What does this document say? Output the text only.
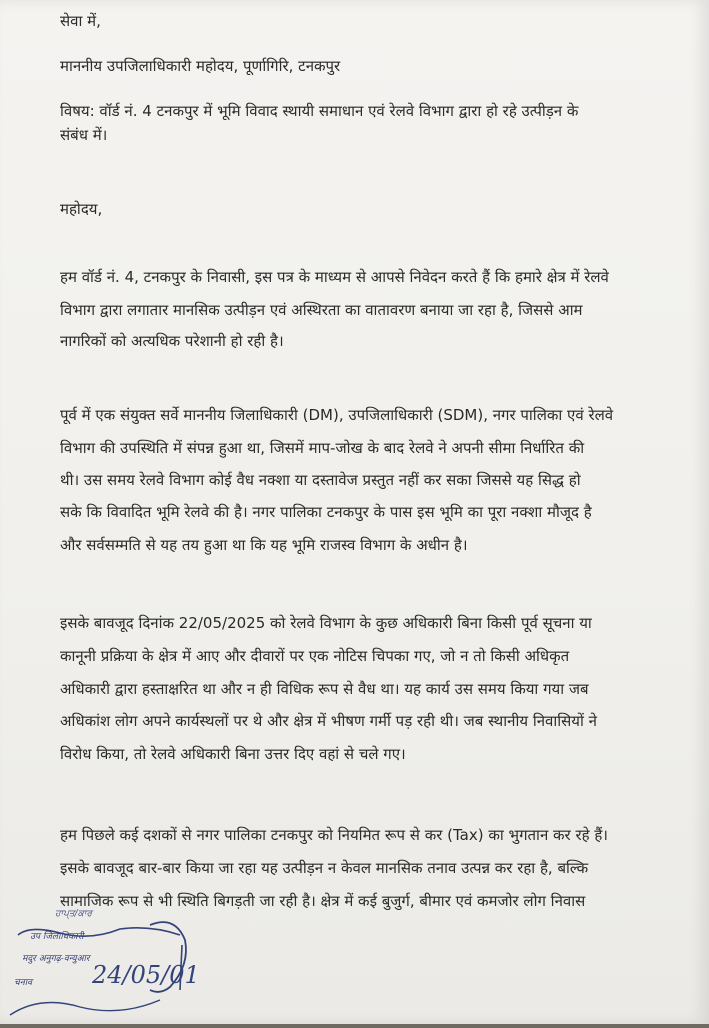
सेवा में,
माननीय उपजिलाधिकारी महोदय, पूर्णागिरि, टनकपुर
विषय: वॉर्ड नं. 4 टनकपुर में भूमि विवाद स्थायी समाधान एवं रेलवे विभाग द्वारा हो रहे उत्पीड़न के
संबंध में।
महोदय,
हम वॉर्ड नं. 4, टनकपुर के निवासी, इस पत्र के माध्यम से आपसे निवेदन करते हैं कि हमारे क्षेत्र में रेलवे
विभाग द्वारा लगातार मानसिक उत्पीड़न एवं अस्थिरता का वातावरण बनाया जा रहा है, जिससे आम
नागरिकों को अत्यधिक परेशानी हो रही है।
पूर्व में एक संयुक्त सर्वे माननीय जिलाधिकारी (DM), उपजिलाधिकारी (SDM), नगर पालिका एवं रेलवे
विभाग की उपस्थिति में संपन्न हुआ था, जिसमें माप-जोख के बाद रेलवे ने अपनी सीमा निर्धारित की
थी। उस समय रेलवे विभाग कोई वैध नक्शा या दस्तावेज प्रस्तुत नहीं कर सका जिससे यह सिद्ध हो
सके कि विवादित भूमि रेलवे की है। नगर पालिका टनकपुर के पास इस भूमि का पूरा नक्शा मौजूद है
और सर्वसम्मति से यह तय हुआ था कि यह भूमि राजस्व विभाग के अधीन है।
इसके बावजूद दिनांक 22/05/2025 को रेलवे विभाग के कुछ अधिकारी बिना किसी पूर्व सूचना या
कानूनी प्रक्रिया के क्षेत्र में आए और दीवारों पर एक नोटिस चिपका गए, जो न तो किसी अधिकृत
अधिकारी द्वारा हस्ताक्षरित था और न ही विधिक रूप से वैध था। यह कार्य उस समय किया गया जब
अधिकांश लोग अपने कार्यस्थलों पर थे और क्षेत्र में भीषण गर्मी पड़ रही थी। जब स्थानीय निवासियों ने
विरोध किया, तो रेलवे अधिकारी बिना उत्तर दिए वहां से चले गए।
हम पिछले कई दशकों से नगर पालिका टनकपुर को नियमित रूप से कर (Tax) का भुगतान कर रहे हैं।
इसके बावजूद बार-बार किया जा रहा यह उत्पीड़न न केवल मानसिक तनाव उत्पन्न कर रहा है, बल्कि
सामाजिक रूप से भी स्थिति बिगड़ती जा रही है। क्षेत्र में कई बुजुर्ग, बीमार एवं कमजोर लोग निवास
ਹਾਪ੍ਤ/ਕਾਰ
उप जिलाधिकारी
मदुर अनुगढ़-वन्युआर
चनाव 24/05/01
